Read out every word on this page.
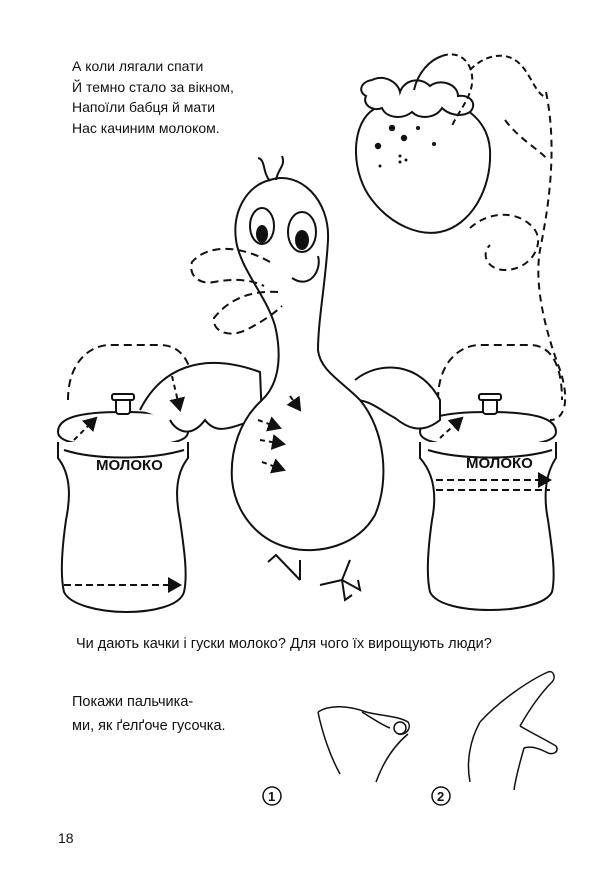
А коли лягали спати
Й темно стало за вікном,
Напоїли бабця й мати
Нас качиним молоком.
МОЛОКО	МОЛОКО
1	2
Чи дають качки і гуски молоко? Для чого їх вирощують люди?
Покажи пальчика-
ми, як ґелґоче гусочка.
18
